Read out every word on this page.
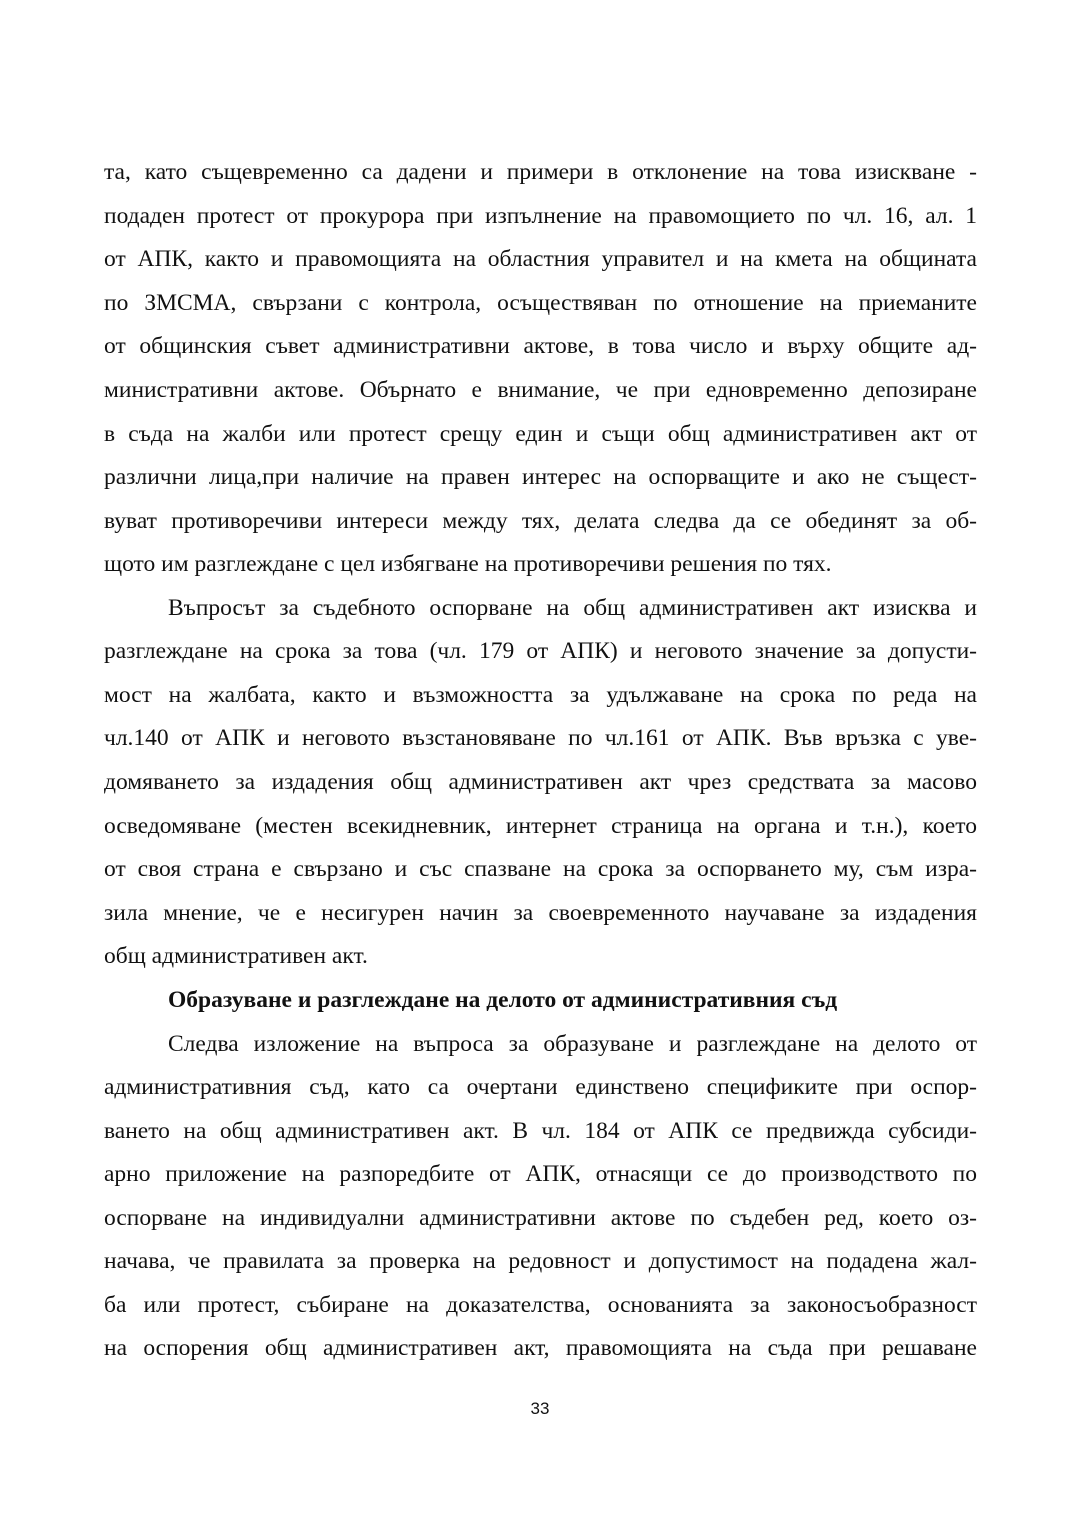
та, като същевременно са дадени и примери в отклонение на това изискване -
подаден протест от прокурора при изпълнение на правомощието по чл. 16, ал. 1
от АПК, както и правомощията на областния управител и на кмета на общината
по ЗМСМА, свързани с контрола, осъществяван по отношение на приеманите
от общинския съвет административни актове, в това число и върху общите ад-
министративни актове. Обърнато е внимание, че при едновременно депозиране
в съда на жалби или протест срещу един и същи общ административен акт от
различни лица,при наличие на правен интерес на оспорващите и ако не същест-
вуват противоречиви интереси между тях, делата следва да се обединят за об-
щото им разглеждане с цел избягване на противоречиви решения по тях.
Въпросът за съдебното оспорване на общ административен акт изисква и
разглеждане на срока за това (чл. 179 от АПК) и неговото значение за допусти-
мост на жалбата, както и възможността за удължаване на срока по реда на
чл.140 от АПК и неговото възстановяване по чл.161 от АПК. Във връзка с уве-
домяването за издадения общ административен акт чрез средствата за масово
осведомяване (местен всекидневник, интернет страница на органа и т.н.), което
от своя страна е свързано и със спазване на срока за оспорването му, съм изра-
зила мнение, че е несигурен начин за своевременното научаване за издадения
общ административен акт.
Образуване и разглеждане на делото от административния съд
Следва изложение на въпроса за образуване и разглеждане на делото от
административния съд, като са очертани единствено спецификите при оспор-
ването на общ административен акт. В чл. 184 от АПК се предвижда субсиди-
арно приложение на разпоредбите от АПК, отнасящи се до производството по
оспорване на индивидуални административни актове по съдебен ред, което оз-
начава, че правилата за проверка на редовност и допустимост на подадена жал-
ба или протест, събиране на доказателства, основанията за законосъобразност
на оспорения общ административен акт, правомощията на съда при решаване
33
